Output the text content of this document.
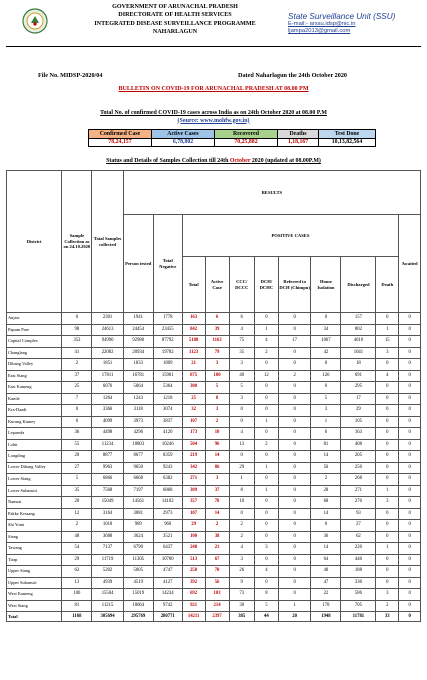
GOVERNMENT OF ARUNACHAL PRADESH
DIRECTORATE OF HEALTH SERVICES
INTEGRATED DISEASE SURVEILLANCE PROGRAMME
NAHARLAGUN
State Surveillance Unit (SSU)
E-mail:- arssu.idsp@nic.in
ljampa2013@gmail.com
File No. MIDSP-2020/04	Dated Naharlagun the 24th October 2020
BULLETIN ON COVID-19 FOR ARUNACHAL PRADESH AT 08.00 PM
Total No. of confirmed COVID-19 cases across India as on 24th October 2020 at 08.00 P.M
(Source: www.mohfw.gov.in)
Confirmed Case	Active Cases	Recovered	Deaths	Test Done
78,24,157	6,78,802	70,25,882	1,18,167	10,13,82,564
Status and Details of Samples Collection till 24th October 2020 (updated at 08.00P.M)
District	Sample Collection as on 24.10.2020	Total Samples collected	RESULTS										
			Person tested	Total Negative	POSITIVE CASES								Awaited
					Total	Active Case	CCC/ DCCC	DCH/ DCHC	Referred to DCH (Chimpu)	Home Isolation	Discharged	Death	
Anjaw	0	2301	1941	1778	163	6	6	0	0	0	157	0	0
Papum Pare	98	24613	24454	23455	842	39	4	1	0	34	802	1	0
Capital Complex	353	94990	92980	87792	5188	1163	75	4	17	1067	4010	15	0
Changlang	41	22082	20934	19782	1123	79	35	2	0	42	1041	3	0
Dibang Valley	2	1851	1833	1809	21	3	3	0	0	0	18	0	0
East Siang	37	17811	16781	15901	875	180	40	12	2	126	691	4	0
East Kameng	25	6076	5664	5364	300	5	5	0	0	0	295	0	0
Kamle	7	1264	1243	1218	25	8	3	0	0	5	17	0	0
Kra-Daadi	0	3366	3118	3074	32	3	0	0	0	3	29	0	0
Kurung Kumey	6	4099	3973	3837	107	2	0	1	0	1	105	0	0
Lepareda	36	4498	4296	4120	173	10	4	0	0	6	163	0	0
Lohit	55	11234	10803	10246	504	96	13	2	0	81	408	0	0
Longding	20	8877	8677	8359	219	14	0	0	0	14	205	0	0
Lower Dibang Valley	27	9963	9650	9243	342	86	29	1	0	56	256	0	0
Lower Siang	5	6866	6668	6382	271	3	1	0	0	2	268	0	0
Lower Subansiri	35	7568	7197	6868	309	37	8	1	0	28	271	1	0
Namsai	20	15049	14561	14102	357	78	10	0	0	68	276	3	0
Pakke Kessang	12	3164	3081	2973	107	14	0	0	0	14	93	0	0
Shi Yomi	2	1018	989	960	29	2	2	0	0	0	27	0	0
Siang	48	3688	3624	3521	100	38	2	0	0	36	62	0	0
Tawang	54	7137	6790	6437	248	21	4	3	0	14	226	1	0
Tirap	29	11719	11305	10700	513	67	3	0	0	64	446	0	0
Upper Siang	62	5202	5005	4747	258	70	26	4	0	40	188	0	0
Upper Subansiri	13	4939	4519	4127	392	56	9	0	0	47	336	0	0
West Kameng	100	15504	15019	14234	692	103	73	8	0	22	586	3	0
West Siang	81	11215	10664	9742	921	214	30	5	1	178	705	2	0
Total	1168	305694	295769	280771	14211	2397	385	44	20	1948	11781	33	0
